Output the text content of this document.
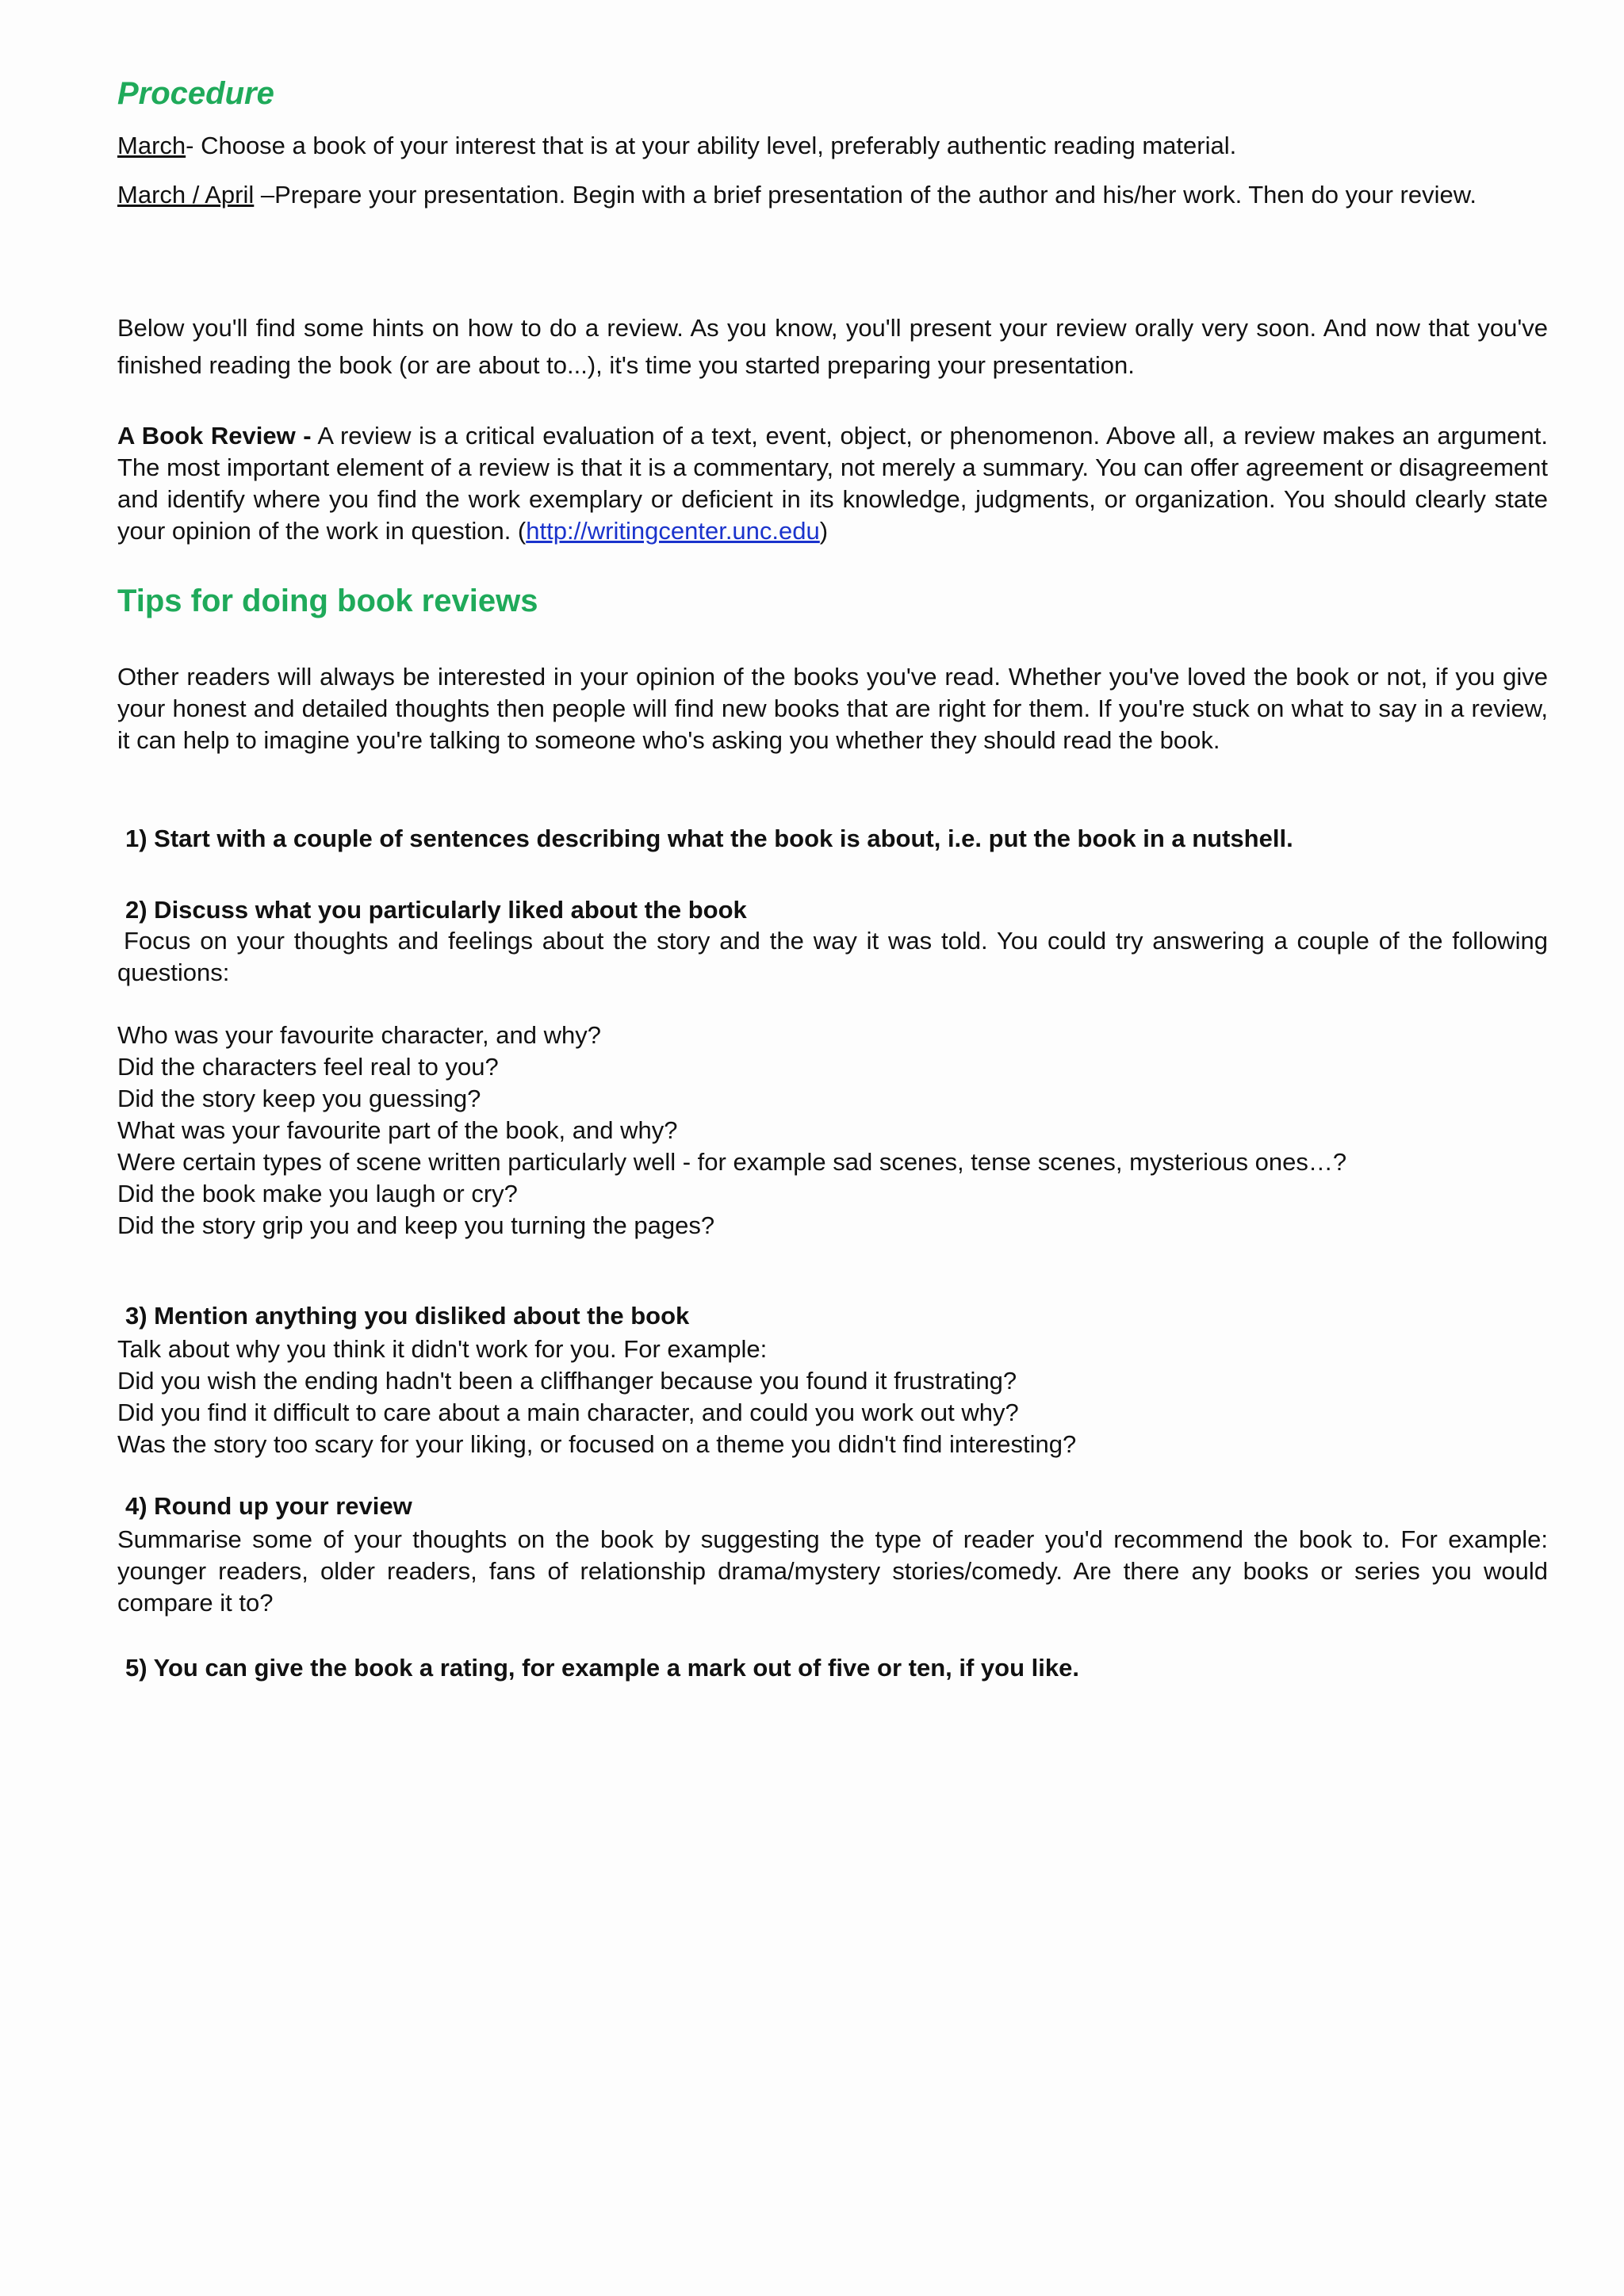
Procedure
March- Choose a book of your interest that is at your ability level, preferably authentic reading material.
March / April –Prepare your presentation. Begin with a brief presentation of the author and his/her work. Then do your review.
Below you'll find some hints on how to do a review. As you know, you'll present your review orally very soon. And now that you've finished reading the book (or are about to...), it's time you started preparing your presentation.
A Book Review - A review is a critical evaluation of a text, event, object, or phenomenon. Above all, a review makes an argument. The most important element of a review is that it is a commentary, not merely a summary. You can offer agreement or disagreement and identify where you find the work exemplary or deficient in its knowledge, judgments, or organization. You should clearly state your opinion of the work in question. (http://writingcenter.unc.edu)
Tips for doing book reviews
Other readers will always be interested in your opinion of the books you've read. Whether you've loved the book or not, if you give your honest and detailed thoughts then people will find new books that are right for them. If you're stuck on what to say in a review, it can help to imagine you're talking to someone who's asking you whether they should read the book.
1) Start with a couple of sentences describing what the book is about, i.e. put the book in a nutshell.
2) Discuss what you particularly liked about the book
Focus on your thoughts and feelings about the story and the way it was told. You could try answering a couple of the following questions:
Who was your favourite character, and why?
Did the characters feel real to you?
Did the story keep you guessing?
What was your favourite part of the book, and why?
Were certain types of scene written particularly well - for example sad scenes, tense scenes, mysterious ones…?
Did the book make you laugh or cry?
Did the story grip you and keep you turning the pages?
3) Mention anything you disliked about the book
Talk about why you think it didn't work for you. For example:
Did you wish the ending hadn't been a cliffhanger because you found it frustrating?
Did you find it difficult to care about a main character, and could you work out why?
Was the story too scary for your liking, or focused on a theme you didn't find interesting?
4) Round up your review
Summarise some of your thoughts on the book by suggesting the type of reader you'd recommend the book to. For example: younger readers, older readers, fans of relationship drama/mystery stories/comedy. Are there any books or series you would compare it to?
5) You can give the book a rating, for example a mark out of five or ten, if you like.
